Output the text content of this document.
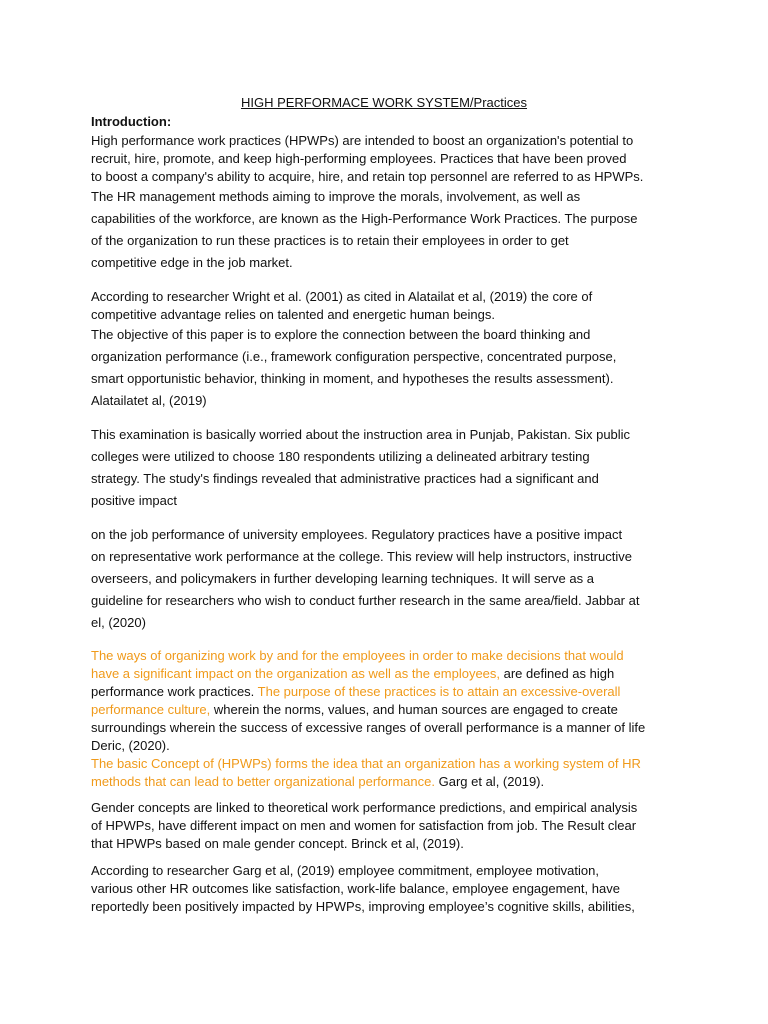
HIGH PERFORMACE WORK SYSTEM/Practices
Introduction:
High performance work practices (HPWPs) are intended to boost an organization's potential to
recruit, hire, promote, and keep high-performing employees. Practices that have been proved
to boost a company's ability to acquire, hire, and retain top personnel are referred to as HPWPs.
The HR management methods aiming to improve the morals, involvement, as well as
capabilities of the workforce, are known as the High-Performance Work Practices. The purpose
of the organization to run these practices is to retain their employees in order to get
competitive edge in the job market.
According to researcher Wright et al. (2001) as cited in Alatailat et al, (2019) the core of
competitive advantage relies on talented and energetic human beings.
The objective of this paper is to explore the connection between the board thinking and
organization performance (i.e., framework configuration perspective, concentrated purpose,
smart opportunistic behavior, thinking in moment, and hypotheses the results assessment).
Alatailatet al, (2019)
This examination is basically worried about the instruction area in Punjab, Pakistan. Six public
colleges were utilized to choose 180 respondents utilizing a delineated arbitrary testing
strategy. The study's findings revealed that administrative practices had a significant and
positive impact
on the job performance of university employees. Regulatory practices have a positive impact
on representative work performance at the college. This review will help instructors, instructive
overseers, and policymakers in further developing learning techniques. It will serve as a
guideline for researchers who wish to conduct further research in the same area/field. Jabbar at
el, (2020)
The ways of organizing work by and for the employees in order to make decisions that would
have a significant impact on the organization as well as the employees, are defined as high
performance work practices. The purpose of these practices is to attain an excessive-overall
performance culture, wherein the norms, values, and human sources are engaged to create
surroundings wherein the success of excessive ranges of overall performance is a manner of life
Deric, (2020).
The basic Concept of (HPWPs) forms the idea that an organization has a working system of HR
methods that can lead to better organizational performance. Garg et al, (2019).
Gender concepts are linked to theoretical work performance predictions, and empirical analysis
of HPWPs, have different impact on men and women for satisfaction from job. The Result clear
that HPWPs based on male gender concept. Brinck et al, (2019).
According to researcher Garg et al, (2019) employee commitment, employee motivation,
various other HR outcomes like satisfaction, work-life balance, employee engagement, have
reportedly been positively impacted by HPWPs, improving employee’s cognitive skills, abilities,
